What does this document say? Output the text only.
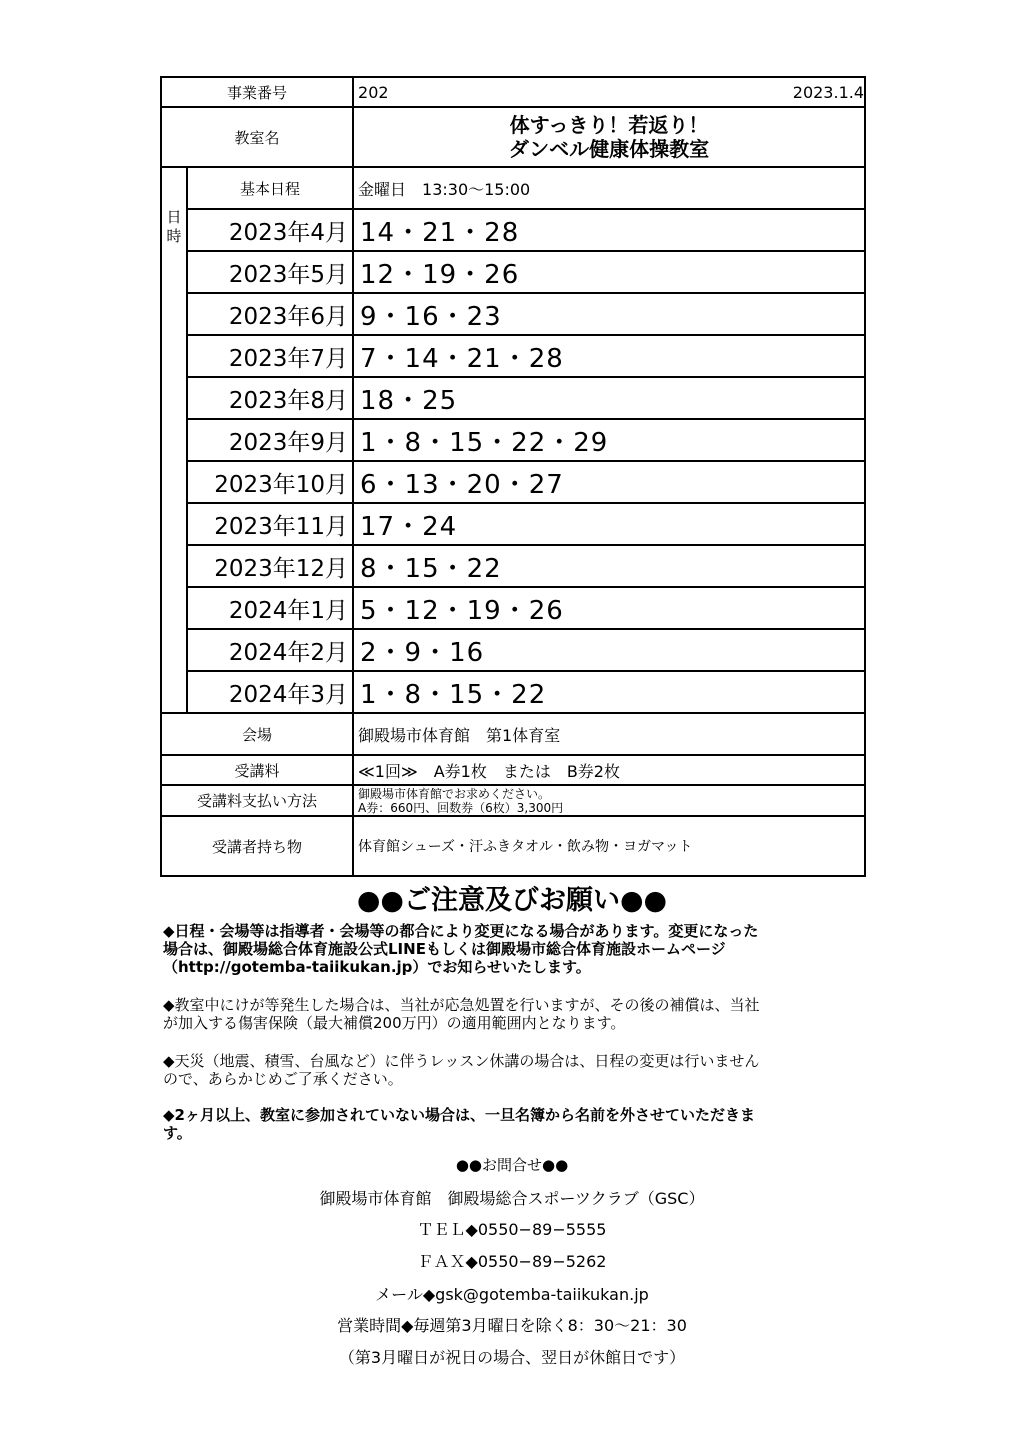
事業番号		202 2023.1.4

教室名		体すっきり！若返り！
ダンベル健康体操教室

日
時	基本日程	金曜日　13:30〜15:00
	2023年4月	14・21・28
	2023年5月	12・19・26
	2023年6月	9・16・23
	2023年7月	7・14・21・28
	2023年8月	18・25
	2023年9月	1・8・15・22・29
	2023年10月	6・13・20・27
	2023年11月	17・24
	2023年12月	8・15・22
	2024年1月	5・12・19・26
	2024年2月	2・9・16
	2024年3月	1・8・15・22
会場		御殿場市体育館　第1体育室
受講料		≪1回≫　A券1枚　または　B券2枚
受講料支払い方法		御殿場市体育館でお求めください。
A券：660円、回数券（6枚）3,300円

受講者持ち物		体育館シューズ・汗ふきタオル・飲み物・ヨガマット
●●ご注意及びお願い●●
◆日程・会場等は指導者・会場等の都合により変更になる場合があります。変更になった
場合は、御殿場総合体育施設公式LINEもしくは御殿場市総合体育施設ホームページ
（http://gotemba-taiikukan.jp）でお知らせいたします。
◆教室中にけが等発生した場合は、当社が応急処置を行いますが、その後の補償は、当社
が加入する傷害保険（最大補償200万円）の適用範囲内となります。
◆天災（地震、積雪、台風など）に伴うレッスン休講の場合は、日程の変更は行いません
ので、あらかじめご了承ください。
◆2ヶ月以上、教室に参加されていない場合は、一旦名簿から名前を外させていただきま
す。
●●お問合せ●●
御殿場市体育館　御殿場総合スポーツクラブ（GSC）
ＴＥＬ◆0550−89−5555
ＦＡＸ◆0550−89−5262
メール◆gsk@gotemba-taiikukan.jp
営業時間◆毎週第3月曜日を除く8：30〜21：30
（第3月曜日が祝日の場合、翌日が休館日です）
